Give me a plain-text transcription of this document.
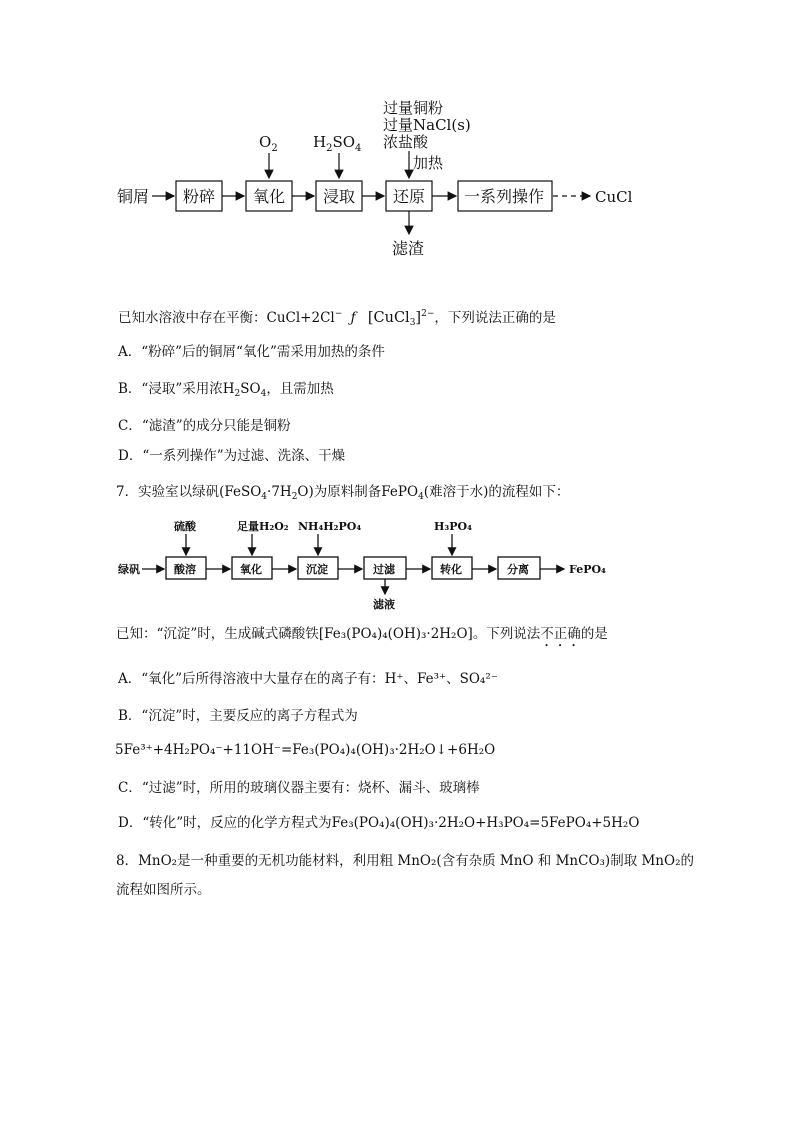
铜屑 粉碎 氧化
$O_2$
浸取
$H_2SO_4$
还原
过量铜粉
过量NaCl(s)
浓盐酸
加热
滤渣
一系列操作	CuCl
已知水溶液中存在平衡：CuCl+2Cl− ƒ [CuCl$_3$]$^{2-}$，下列说法正确的是
A．“粉碎”后的铜屑“氧化”需采用加热的条件
B．“浸取”采用浓$H_2SO_4$，且需加热
C．“滤渣”的成分只能是铜粉
D．“一系列操作”为过滤、洗涤、干燥
7．实验室以绿矾$(FeSO_4\cdot 7H_2O)$为原料制备FePO$_4$(难溶于水)的流程如下：
绿矾	酸溶
硫酸
氧化
足量H₂O₂
沉淀
NH₄H₂PO₄
过滤
滤液
转化
H₃PO₄
分离	FePO₄
已知：“沉淀”时，生成碱式磷酸铁[Fe₃(PO₄)₄(OH)₃·2H₂O]。下列说法不正确的是
A．“氧化”后所得溶液中大量存在的离子有：H⁺、Fe³⁺、SO₄²⁻
B．“沉淀”时，主要反应的离子方程式为
5Fe³⁺+4H₂PO₄⁻+11OH⁻=Fe₃(PO₄)₄(OH)₃·2H₂O↓+6H₂O
C．“过滤”时，所用的玻璃仪器主要有：烧杯、漏斗、玻璃棒
D．“转化”时，反应的化学方程式为Fe₃(PO₄)₄(OH)₃·2H₂O+H₃PO₄=5FePO₄+5H₂O
8．MnO₂是一种重要的无机功能材料，利用粗 MnO₂(含有杂质 MnO 和 MnCO₃)制取 MnO₂的
流程如图所示。
